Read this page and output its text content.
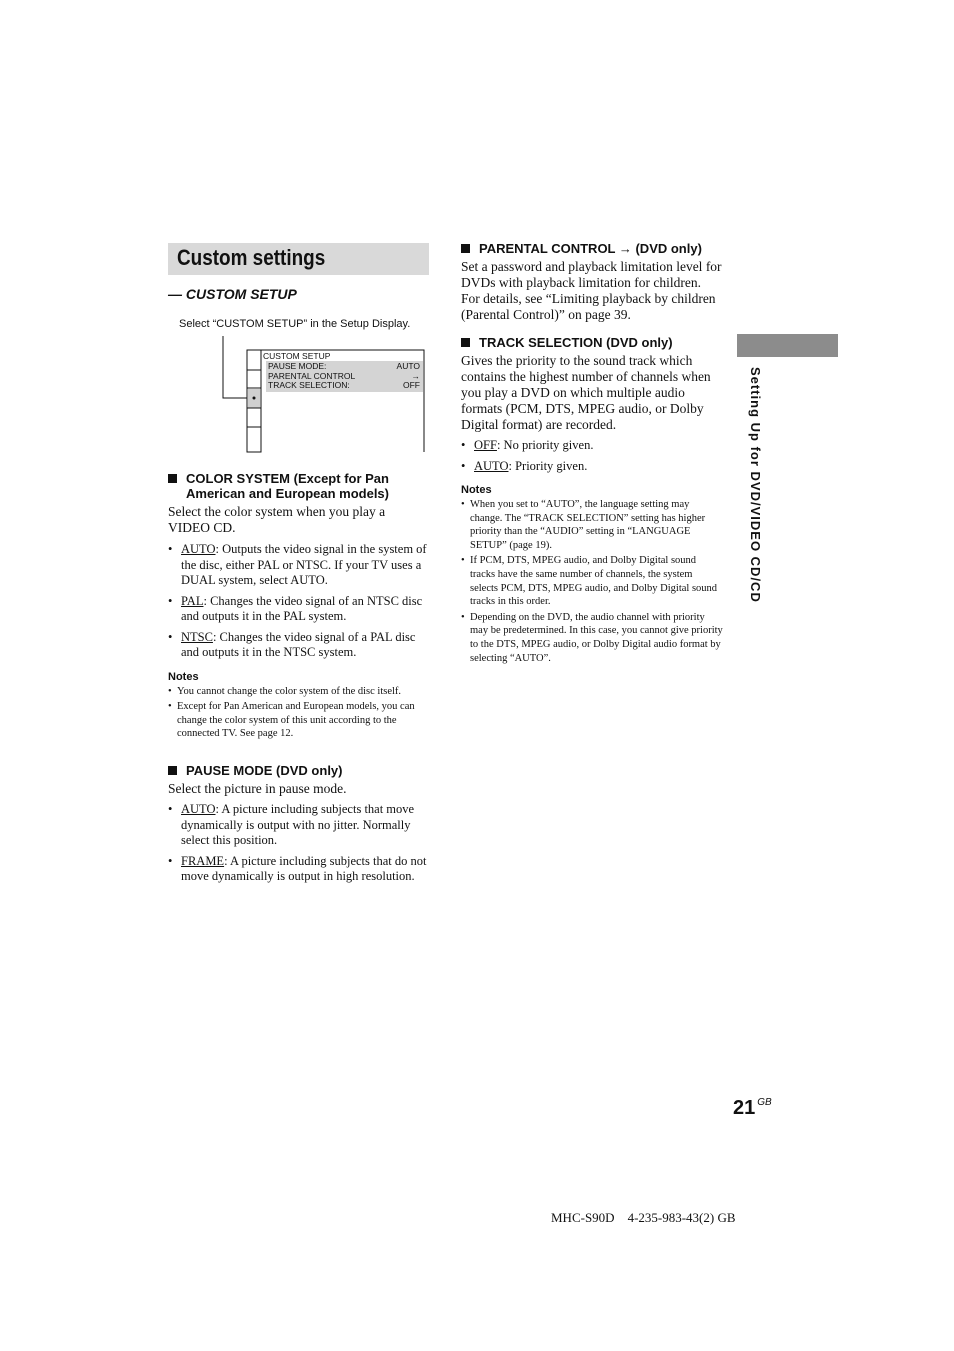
Custom settings
— CUSTOM SETUP
Select “CUSTOM SETUP” in the Setup Display.
CUSTOM SETUP
PAUSE MODE:	AUTO
PARENTAL CONTROL	→
TRACK SELECTION:	OFF
COLOR SYSTEM (Except for Pan
American and European models)
Select the color system when you play a VIDEO CD.
• AUTO: Outputs the video signal in the system of the disc, either PAL or NTSC. If your TV uses a DUAL system, select AUTO.
• PAL: Changes the video signal of an NTSC disc and outputs it in the PAL system.
• NTSC: Changes the video signal of a PAL disc and outputs it in the NTSC system.
Notes
• You cannot change the color system of the disc itself.
• Except for Pan American and European models, you can change the color system of this unit according to the connected TV. See page 12.
PAUSE MODE (DVD only)
Select the picture in pause mode.
• AUTO: A picture including subjects that move dynamically is output with no jitter. Normally select this position.
• FRAME: A picture including subjects that do not move dynamically is output in high resolution.
PARENTAL CONTROL → (DVD only)
Set a password and playback limitation level for DVDs with playback limitation for children. For details, see “Limiting playback by children (Parental Control)” on page 39.
TRACK SELECTION (DVD only)
Gives the priority to the sound track which contains the highest number of channels when you play a DVD on which multiple audio formats (PCM, DTS, MPEG audio, or Dolby Digital format) are recorded.
• OFF: No priority given.
• AUTO: Priority given.
Notes
• When you set to “AUTO”, the language setting may change. The “TRACK SELECTION” setting has higher priority than the “AUDIO” setting in “LANGUAGE SETUP” (page 19).
• If PCM, DTS, MPEG audio, and Dolby Digital sound tracks have the same number of channels, the system selects PCM, DTS, MPEG audio, and Dolby Digital sound tracks in this order.
• Depending on the DVD, the audio channel with priority may be predetermined. In this case, you cannot give priority to the DTS, MPEG audio, or Dolby Digital audio format by selecting “AUTO”.
Setting Up for DVD/VIDEO CD/CD
21 $^{GB}$
MHC-S90D    4-235-983-43(2) GB
